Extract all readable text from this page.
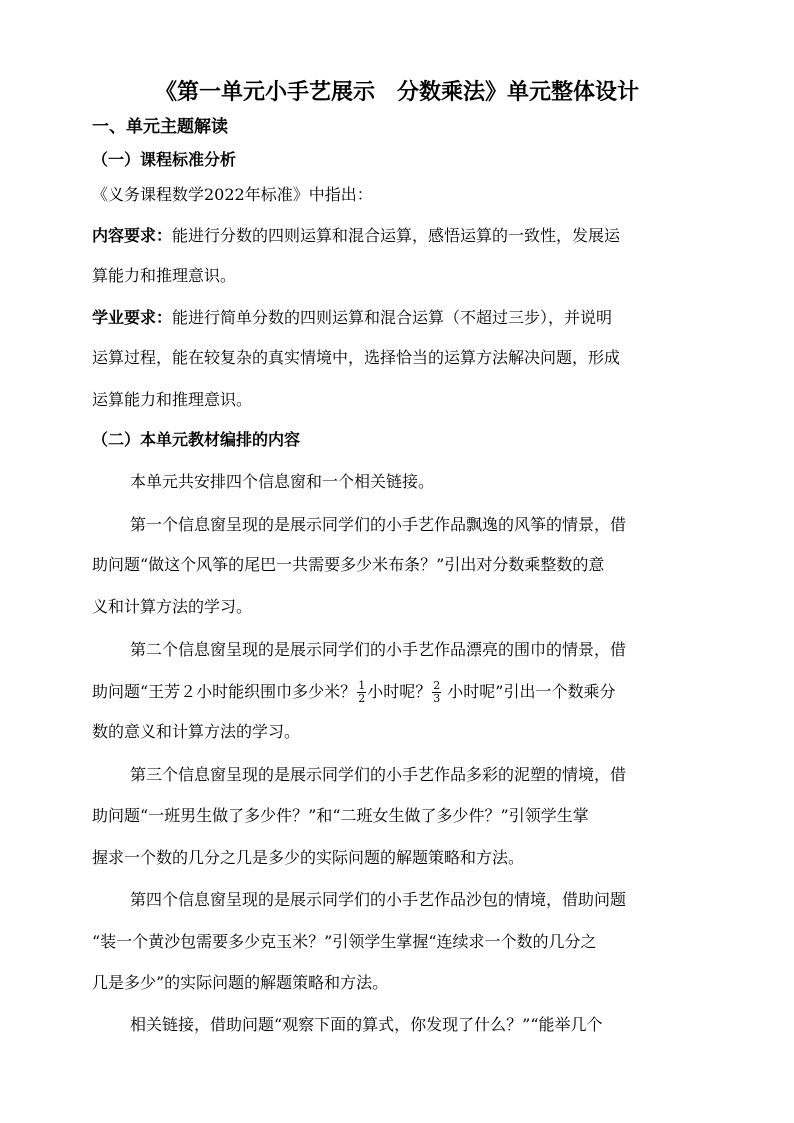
《第一单元小手艺展示　分数乘法》单元整体设计
一、单元主题解读
（一）课程标准分析
《义务课程数学2022年标准》中指出：
内容要求：能进行分数的四则运算和混合运算，感悟运算的一致性，发展运
算能力和推理意识。
学业要求：能进行简单分数的四则运算和混合运算（不超过三步），并说明
运算过程，能在较复杂的真实情境中，选择恰当的运算方法解决问题，形成
运算能力和推理意识。
（二）本单元教材编排的内容
本单元共安排四个信息窗和一个相关链接。
第一个信息窗呈现的是展示同学们的小手艺作品飘逸的风筝的情景，借
助问题“做这个风筝的尾巴一共需要多少米布条？”引出对分数乘整数的意
义和计算方法的学习。
第二个信息窗呈现的是展示同学们的小手艺作品漂亮的围巾的情景，借
助问题“王芳２小时能织围巾多少米？ $\frac{1}{2}$ 小时呢？ $\frac{2}{3}$ 小时呢”引出一个数乘分
数的意义和计算方法的学习。
第三个信息窗呈现的是展示同学们的小手艺作品多彩的泥塑的情境，借
助问题“一班男生做了多少件？”和“二班女生做了多少件？”引领学生掌
握求一个数的几分之几是多少的实际问题的解题策略和方法。
第四个信息窗呈现的是展示同学们的小手艺作品沙包的情境，借助问题
“装一个黄沙包需要多少克玉米？”引领学生掌握“连续求一个数的几分之
几是多少”的实际问题的解题策略和方法。
相关链接，借助问题“观察下面的算式，你发现了什么？”“能举几个
